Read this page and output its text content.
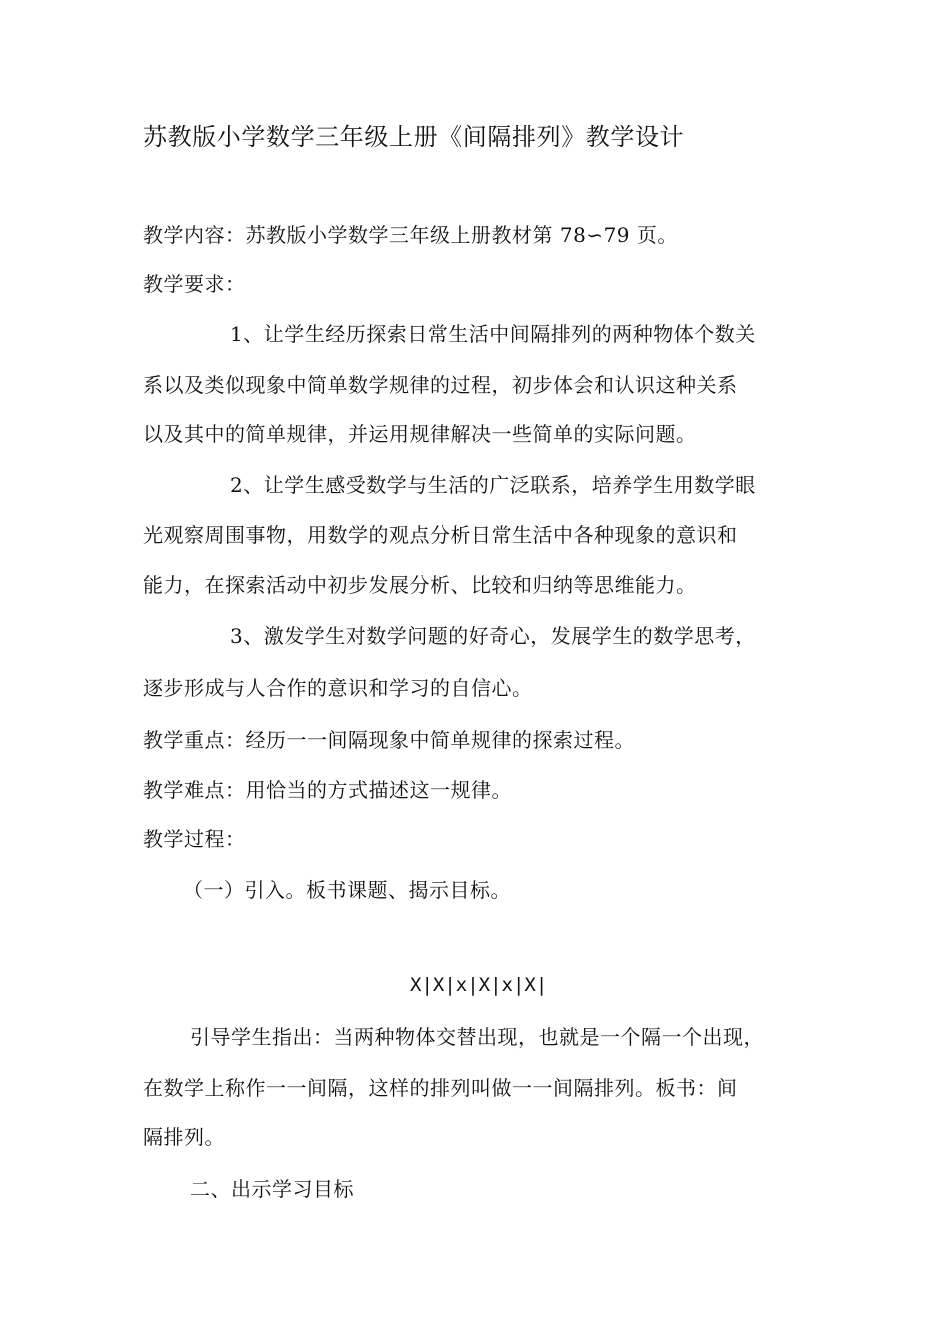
苏教版小学数学三年级上册《间隔排列》教学设计
教学内容：苏教版小学数学三年级上册教材第 78∽79 页。
教学要求：
1、让学生经历探索日常生活中间隔排列的两种物体个数关
系以及类似现象中简单数学规律的过程，初步体会和认识这种关系
以及其中的简单规律，并运用规律解决一些简单的实际问题。
2、让学生感受数学与生活的广泛联系，培养学生用数学眼
光观察周围事物，用数学的观点分析日常生活中各种现象的意识和
能力，在探索活动中初步发展分析、比较和归纳等思维能力。
3、激发学生对数学问题的好奇心，发展学生的数学思考，
逐步形成与人合作的意识和学习的自信心。
教学重点：经历一一间隔现象中简单规律的探索过程。
教学难点：用恰当的方式描述这一规律。
教学过程：
（一）引入。板书课题、揭示目标。
X|X|x|X|x|X|
引导学生指出：当两种物体交替出现，也就是一个隔一个出现，
在数学上称作一一间隔，这样的排列叫做一一间隔排列。板书：间
隔排列。
二、出示学习目标
